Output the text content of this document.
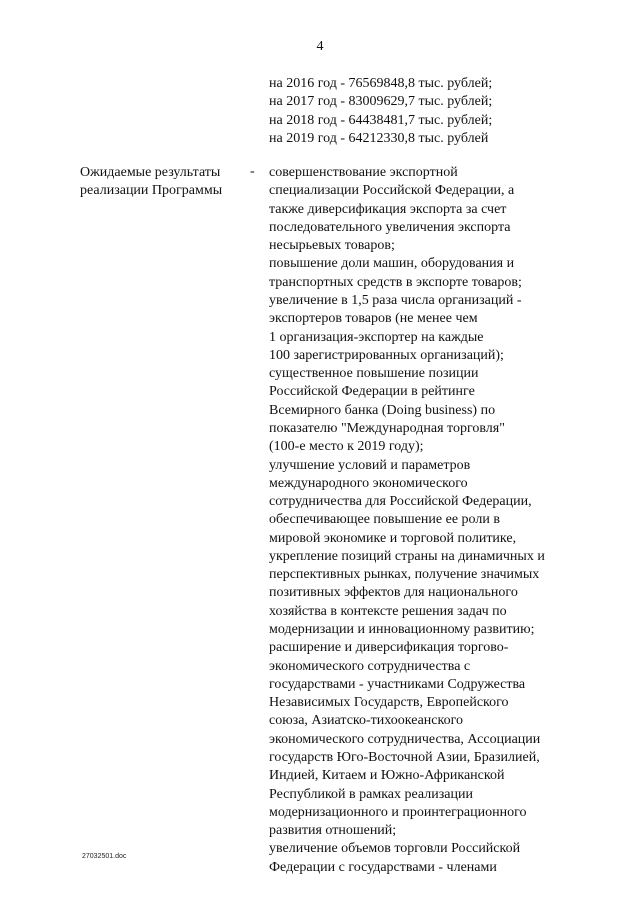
4
на 2016 год - 76569848,8 тыс. рублей;
на 2017 год - 83009629,7 тыс. рублей;
на 2018 год - 64438481,7 тыс. рублей;
на 2019 год - 64212330,8 тыс. рублей
Ожидаемые результаты
реализации Программы
- совершенствование экспортной
специализации Российской Федерации, а
также диверсификация экспорта за счет
последовательного увеличения экспорта
несырьевых товаров;
повышение доли машин, оборудования и
транспортных средств в экспорте товаров;
увеличение в 1,5 раза числа организаций -
экспортеров товаров (не менее чем
1 организация-экспортер на каждые
100 зарегистрированных организаций);
существенное повышение позиции
Российской Федерации в рейтинге
Всемирного банка (Doing business) по
показателю "Международная торговля"
(100-е место к 2019 году);
улучшение условий и параметров
международного экономического
сотрудничества для Российской Федерации,
обеспечивающее повышение ее роли в
мировой экономике и торговой политике,
укрепление позиций страны на динамичных и
перспективных рынках, получение значимых
позитивных эффектов для национального
хозяйства в контексте решения задач по
модернизации и инновационному развитию;
расширение и диверсификация торгово-
экономического сотрудничества с
государствами - участниками Содружества
Независимых Государств, Европейского
союза, Азиатско-тихоокеанского
экономического сотрудничества, Ассоциации
государств Юго-Восточной Азии, Бразилией,
Индией, Китаем и Южно-Африканской
Республикой в рамках реализации
модернизационного и проинтеграционного
развития отношений;
увеличение объемов торговли Российской
Федерации с государствами - членами
27032501.doc
